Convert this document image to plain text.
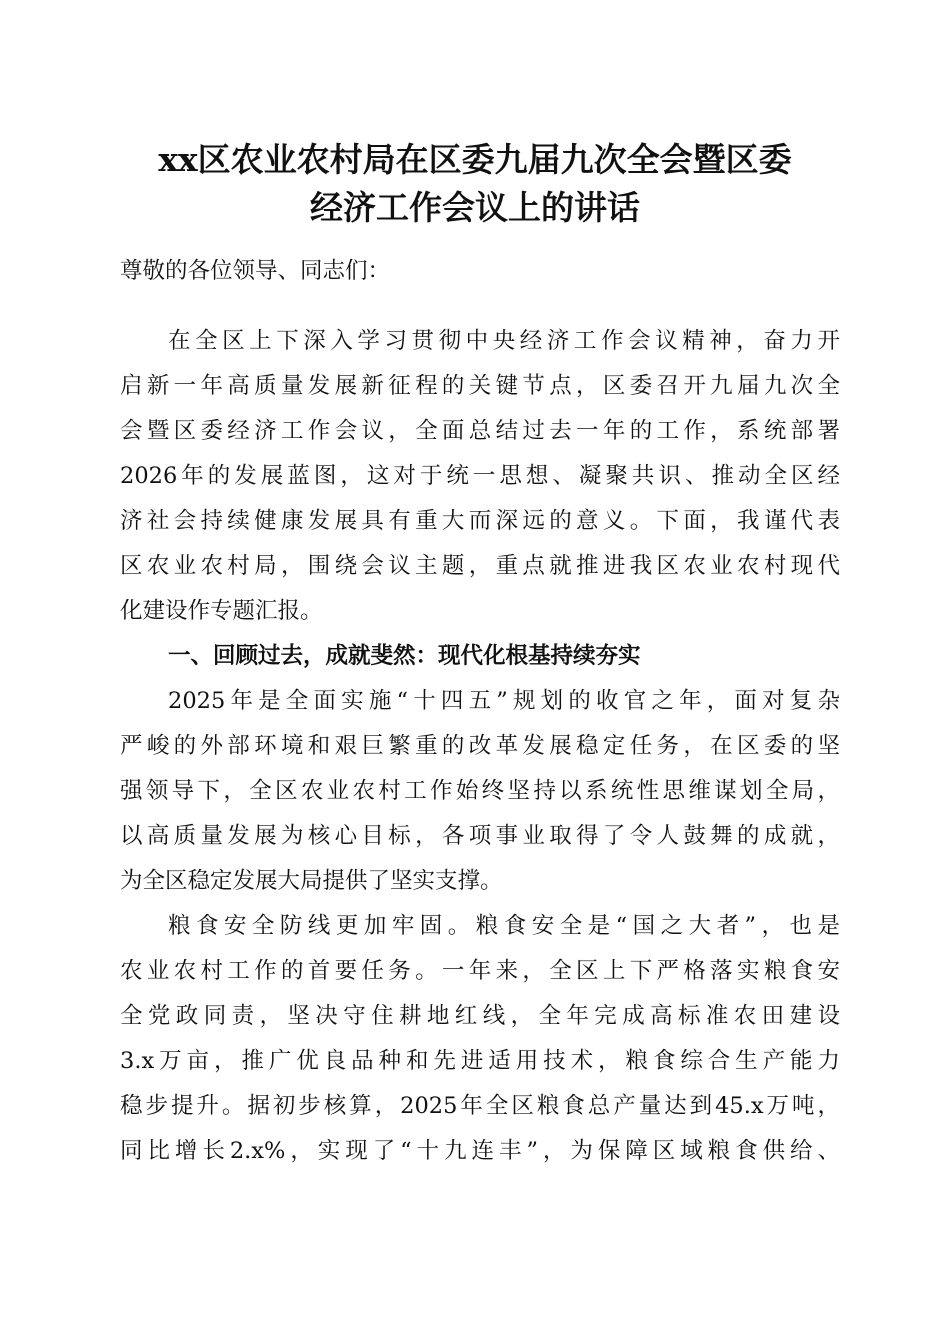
xx区农业农村局在区委九届九次全会暨区委
经济工作会议上的讲话
尊敬的各位领导、同志们：
在全区上下深入学习贯彻中央经济工作会议精神，奋力开
启新一年高质量发展新征程的关键节点，区委召开九届九次全
会暨区委经济工作会议，全面总结过去一年的工作，系统部署
2026年的发展蓝图，这对于统一思想、凝聚共识、推动全区经
济社会持续健康发展具有重大而深远的意义。下面，我谨代表
区农业农村局，围绕会议主题，重点就推进我区农业农村现代
化建设作专题汇报。
一、回顾过去，成就斐然：现代化根基持续夯实
2025年是全面实施“十四五”规划的收官之年，面对复杂
严峻的外部环境和艰巨繁重的改革发展稳定任务，在区委的坚
强领导下，全区农业农村工作始终坚持以系统性思维谋划全局，
以高质量发展为核心目标，各项事业取得了令人鼓舞的成就，
为全区稳定发展大局提供了坚实支撑。
粮食安全防线更加牢固。粮食安全是“国之大者”，也是
农业农村工作的首要任务。一年来，全区上下严格落实粮食安
全党政同责，坚决守住耕地红线，全年完成高标准农田建设
3.x万亩，推广优良品种和先进适用技术，粮食综合生产能力
稳步提升。据初步核算，2025年全区粮食总产量达到45.x万吨，
同比增长2.x%，实现了“十九连丰”，为保障区域粮食供给、
